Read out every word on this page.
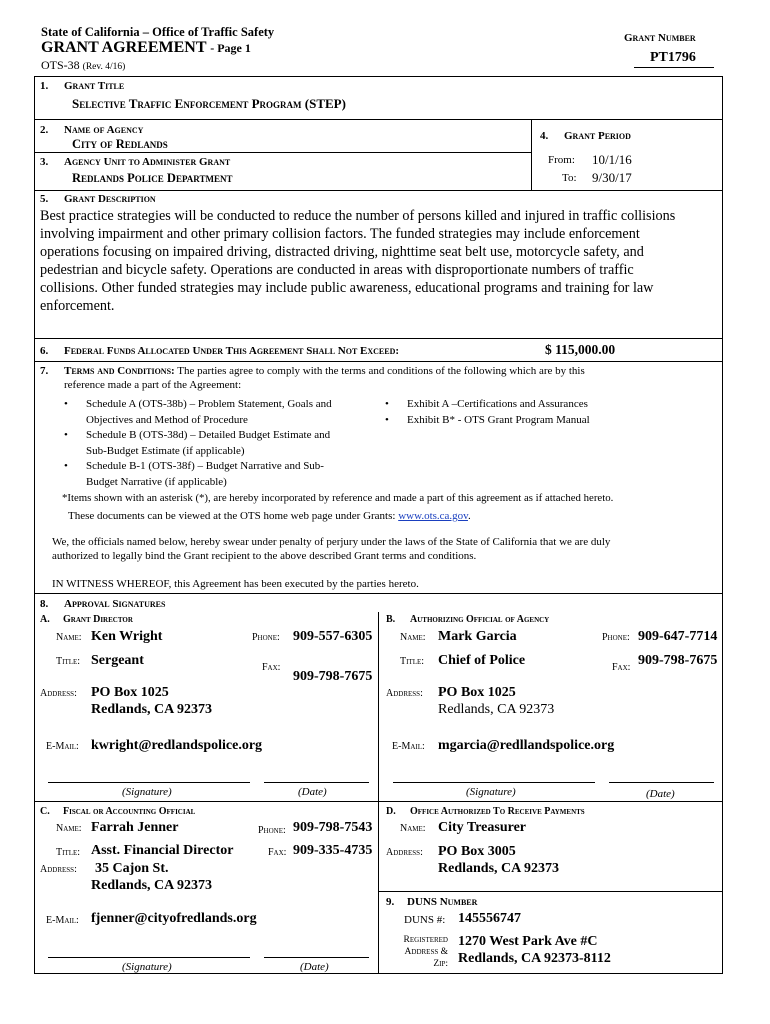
State of California – Office of Traffic Safety
GRANT AGREEMENT - Page 1
OTS-38 (Rev. 4/16)
Grant Number
PT1796
1. Grant Title
Selective Traffic Enforcement Program (STEP)
2. Name of Agency
City of Redlands
3. Agency Unit to Administer Grant
Redlands Police Department
4. Grant Period
From: 10/1/16
To: 9/30/17
5. Grant Description
Best practice strategies will be conducted to reduce the number of persons killed and injured in traffic collisions
involving impairment and other primary collision factors. The funded strategies may include enforcement
operations focusing on impaired driving, distracted driving, nighttime seat belt use, motorcycle safety, and
pedestrian and bicycle safety. Operations are conducted in areas with disproportionate numbers of traffic
collisions. Other funded strategies may include public awareness, educational programs and training for law
enforcement.
6. Federal Funds Allocated Under This Agreement Shall Not Exceed:	$ 115,000.00
7. Terms and Conditions: The parties agree to comply with the terms and conditions of the following which are by this
reference made a part of the Agreement:
• Schedule A (OTS-38b) – Problem Statement, Goals and
Objectives and Method of Procedure
• Schedule B (OTS-38d) – Detailed Budget Estimate and
Sub-Budget Estimate (if applicable)
• Schedule B-1 (OTS-38f) – Budget Narrative and Sub-
Budget Narrative (if applicable)
• Exhibit A –Certifications and Assurances
• Exhibit B* - OTS Grant Program Manual
*Items shown with an asterisk (*), are hereby incorporated by reference and made a part of this agreement as if attached hereto.
These documents can be viewed at the OTS home web page under Grants: www.ots.ca.gov.
We, the officials named below, hereby swear under penalty of perjury under the laws of the State of California that we are duly
authorized to legally bind the Grant recipient to the above described Grant terms and conditions.
IN WITNESS WHEREOF, this Agreement has been executed by the parties hereto.
8. Approval Signatures
A. Grant Director
Name: Ken Wright	Phone: 909-557-6305
Title: Sergeant	Fax:
909-798-7675
Address: PO Box 1025
Redlands, CA 92373
E-Mail: kwright@redlandspolice.org
(Signature)	(Date)
B. Authorizing Official of Agency
Name: Mark Garcia	Phone: 909-647-7714
Title: Chief of Police	Fax: 909-798-7675
Address: PO Box 1025
Redlands, CA 92373
E-Mail: mgarcia@redllandspolice.org
(Signature)	(Date)
C. Fiscal or Accounting Official
Name: Farrah Jenner	Phone: 909-798-7543
Title: Asst. Financial Director	Fax: 909-335-4735
Address: 35 Cajon St.
Redlands, CA 92373
E-Mail: fjenner@cityofredlands.org
(Signature)	(Date)
D. Office Authorized To Receive Payments
Name: City Treasurer
Address: PO Box 3005
Redlands, CA 92373
9. DUNS Number
DUNS #: 145556747
Registered
Address &
Zip:
1270 West Park Ave #C
Redlands, CA 92373-8112
